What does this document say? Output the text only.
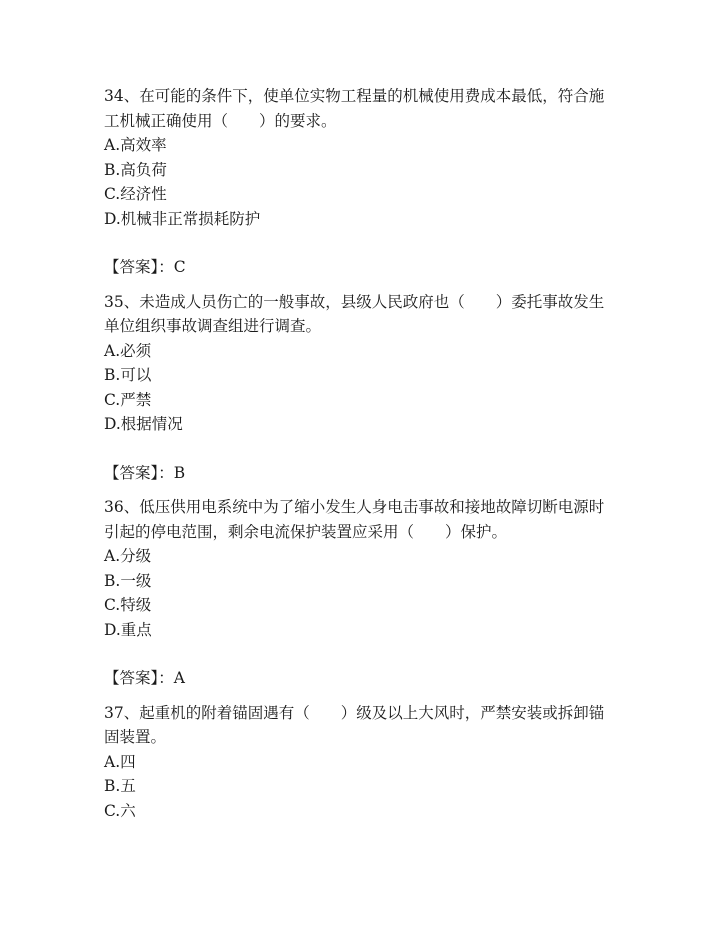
34、在可能的条件下，使单位实物工程量的机械使用费成本最低，符合施工机械正确使用（　　）的要求。

A.高效率

B.高负荷

C.经济性

D.机械非正常损耗防护

【答案】：C

35、未造成人员伤亡的一般事故，县级人民政府也（　　）委托事故发生单位组织事故调查组进行调查。

A.必须

B.可以

C.严禁

D.根据情况

【答案】：B

36、低压供用电系统中为了缩小发生人身电击事故和接地故障切断电源时引起的停电范围，剩余电流保护装置应采用（　　）保护。

A.分级

B.一级

C.特级

D.重点

【答案】：A

37、起重机的附着锚固遇有（　　）级及以上大风时，严禁安装或拆卸锚固装置。

A.四

B.五

C.六
